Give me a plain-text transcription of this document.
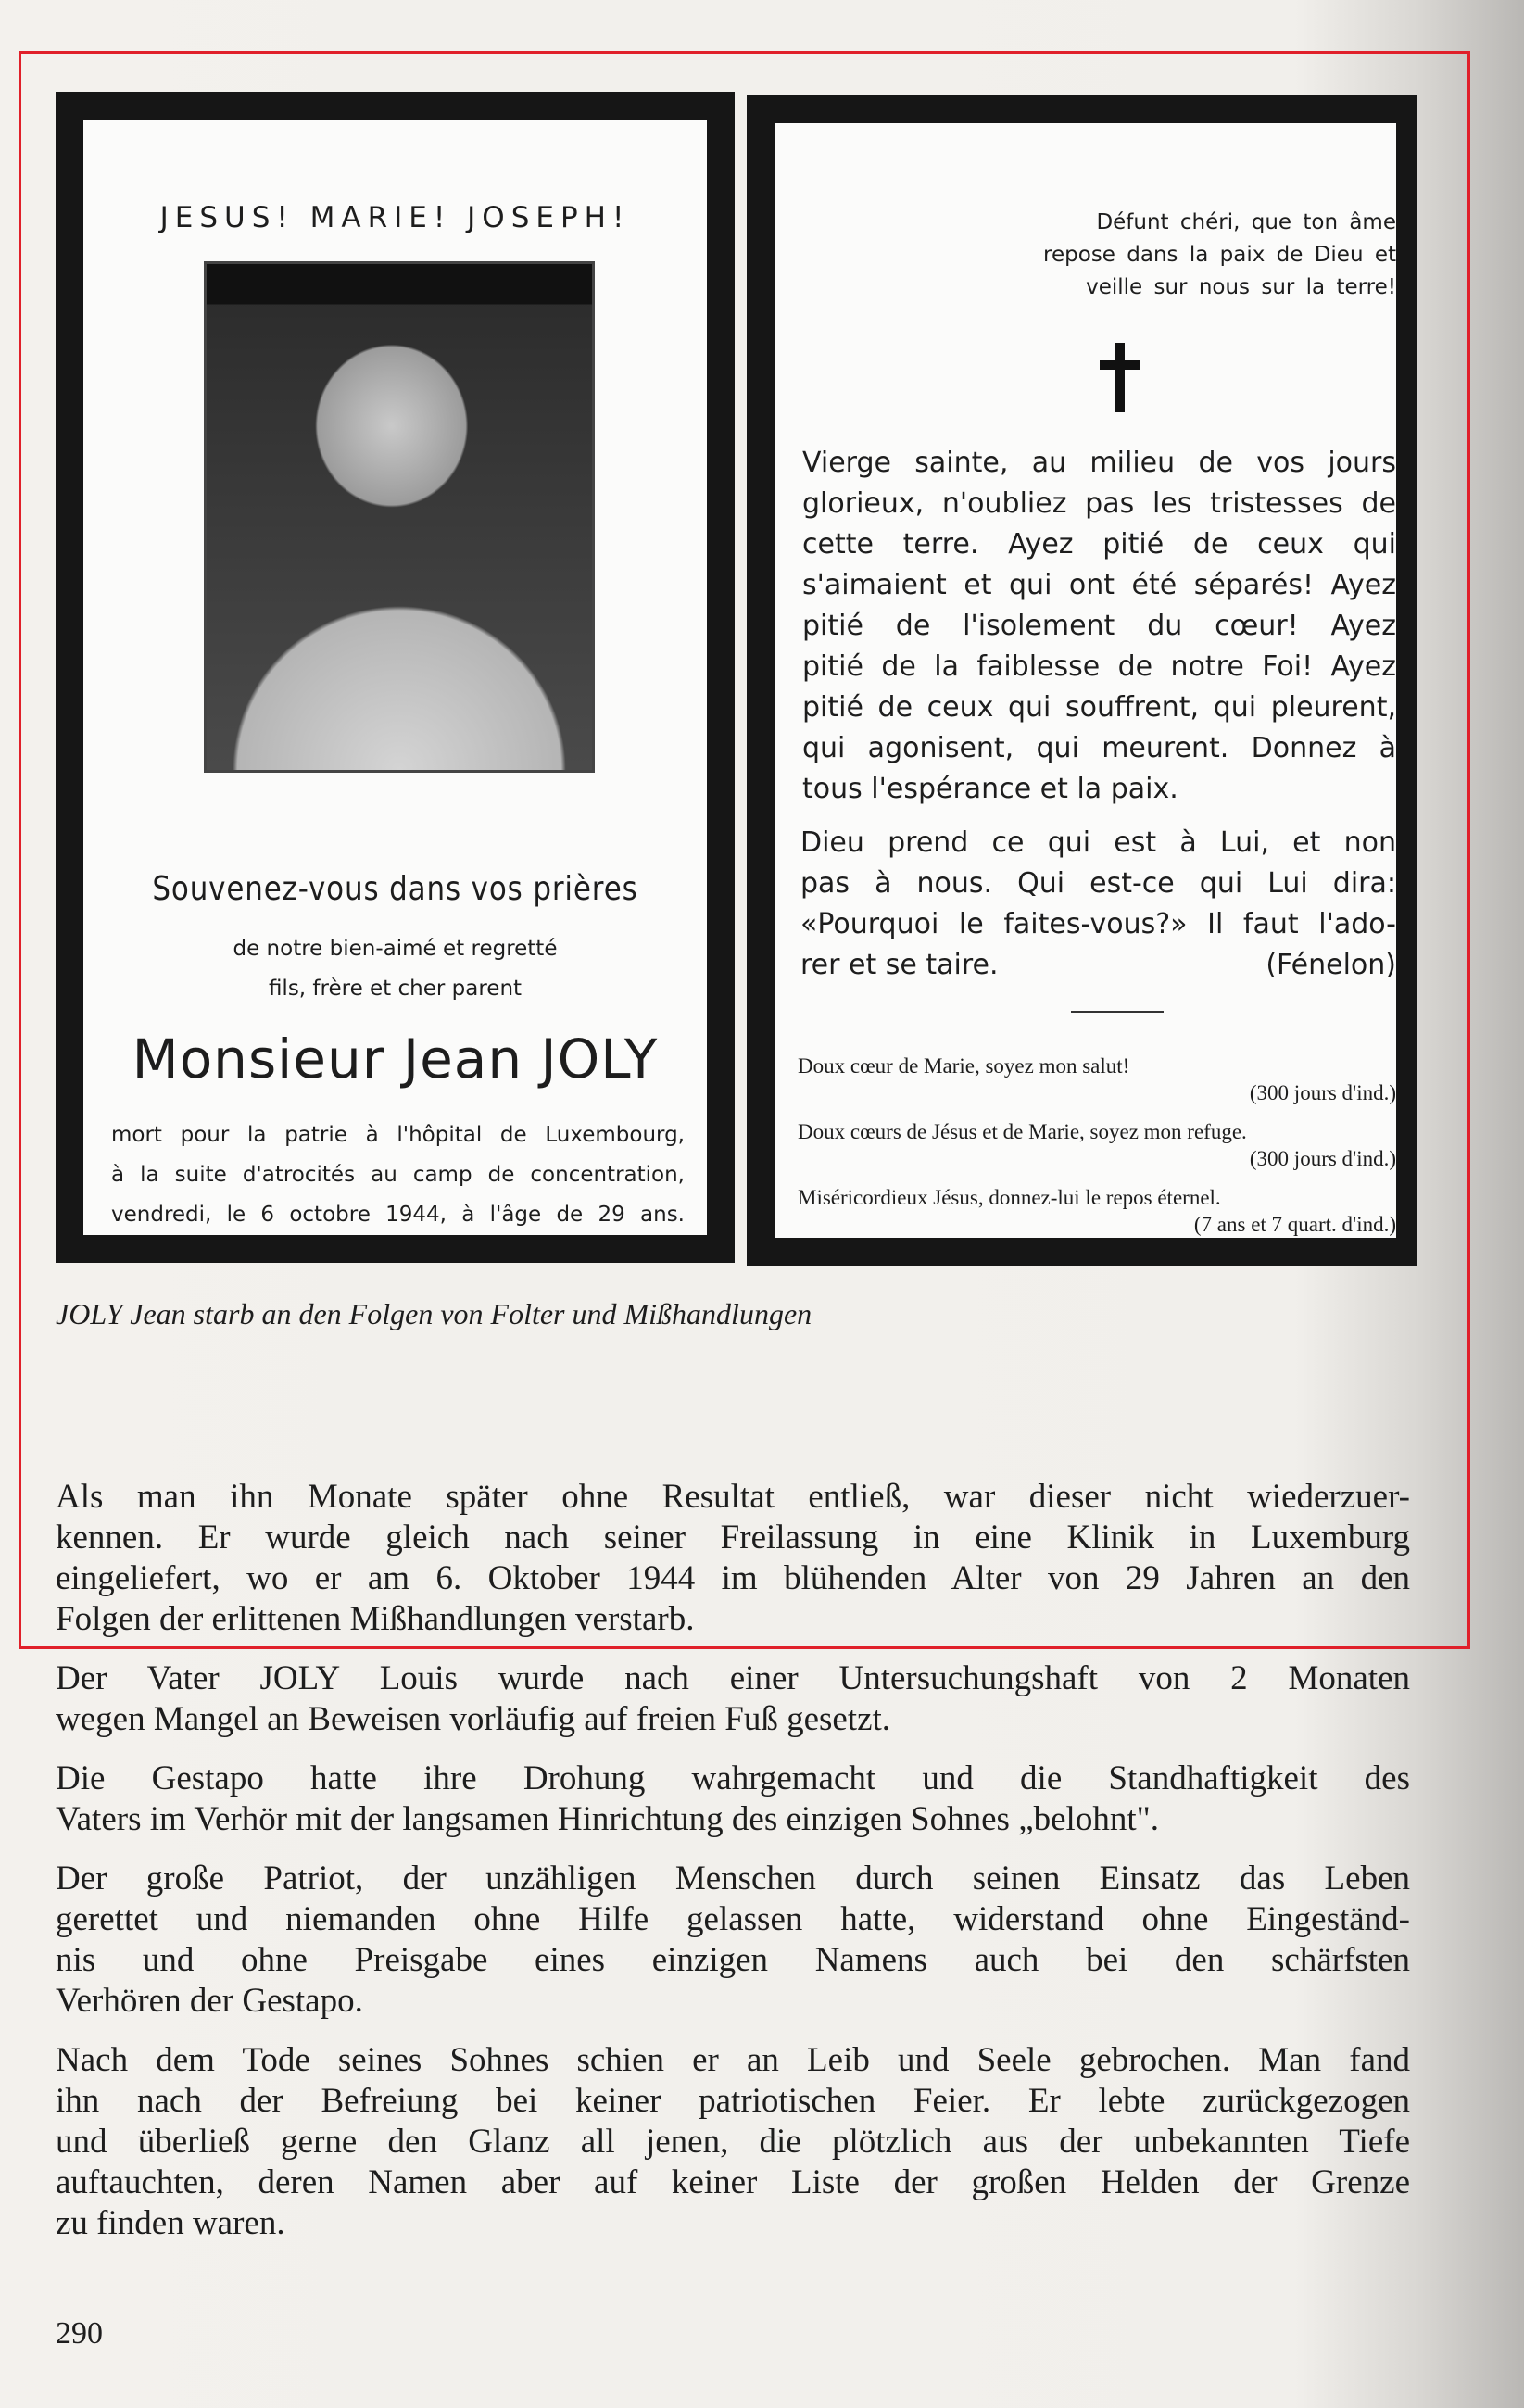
JESUS! MARIE! JOSEPH!
Souvenez-vous dans vos prières
de notre bien-aimé et regretté
fils, frère et cher parent
Monsieur Jean JOLY
mort pour la patrie à l'hôpital de Luxembourg,
à la suite d'atrocités au camp de concentration,
vendredi, le 6 octobre 1944, à l'âge de 29 ans.
Défunt chéri, que ton âme
repose dans la paix de Dieu et
veille sur nous sur la terre!
Vierge sainte, au milieu de vos jours
glorieux, n'oubliez pas les tristesses de
cette terre. Ayez pitié de ceux qui
s'aimaient et qui ont été séparés! Ayez
pitié de l'isolement du cœur! Ayez
pitié de la faiblesse de notre Foi! Ayez
pitié de ceux qui souffrent, qui pleurent,
qui agonisent, qui meurent. Donnez à
tous l'espérance et la paix.
Dieu prend ce qui est à Lui, et non
pas à nous. Qui est-ce qui Lui dira:
«Pourquoi le faites-vous?» Il faut l'ado-
rer et se taire.	(Fénelon)
Doux cœur de Marie, soyez mon salut!
(300 jours d'ind.)
Doux cœurs de Jésus et de Marie, soyez mon refuge.
(300 jours d'ind.)
Miséricordieux Jésus, donnez-lui le repos éternel.
(7 ans et 7 quart. d'ind.)
JOLY Jean starb an den Folgen von Folter und Mißhandlungen
Als man ihn Monate später ohne Resultat entließ, war dieser nicht wiederzuer-
kennen. Er wurde gleich nach seiner Freilassung in eine Klinik in Luxemburg
eingeliefert, wo er am 6. Oktober 1944 im blühenden Alter von 29 Jahren an den
Folgen der erlittenen Mißhandlungen verstarb.
Der Vater JOLY Louis wurde nach einer Untersuchungshaft von 2 Monaten
wegen Mangel an Beweisen vorläufig auf freien Fuß gesetzt.
Die Gestapo hatte ihre Drohung wahrgemacht und die Standhaftigkeit des
Vaters im Verhör mit der langsamen Hinrichtung des einzigen Sohnes „belohnt".
Der große Patriot, der unzähligen Menschen durch seinen Einsatz das Leben
gerettet und niemanden ohne Hilfe gelassen hatte, widerstand ohne Eingeständ-
nis und ohne Preisgabe eines einzigen Namens auch bei den schärfsten
Verhören der Gestapo.
Nach dem Tode seines Sohnes schien er an Leib und Seele gebrochen. Man fand
ihn nach der Befreiung bei keiner patriotischen Feier. Er lebte zurückgezogen
und überließ gerne den Glanz all jenen, die plötzlich aus der unbekannten Tiefe
auftauchten, deren Namen aber auf keiner Liste der großen Helden der Grenze
zu finden waren.
290
